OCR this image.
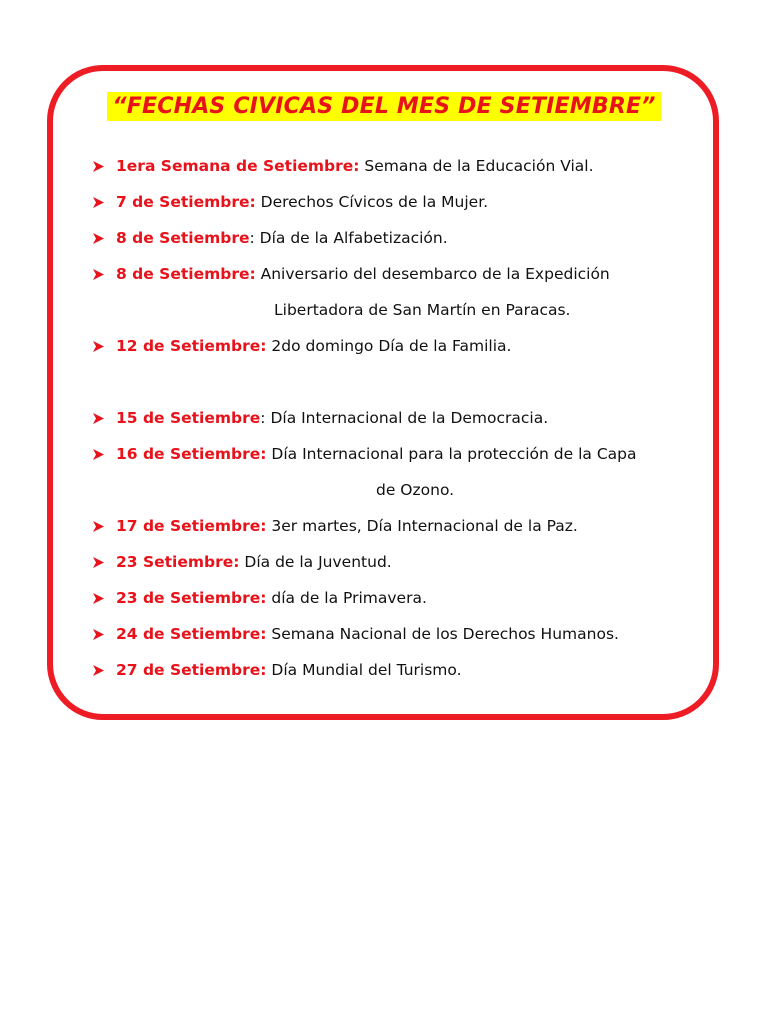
“FECHAS CIVICAS DEL MES DE SETIEMBRE”
1era Semana de Setiembre: Semana de la Educación Vial.
7 de Setiembre: Derechos Cívicos de la Mujer.
8 de Setiembre: Día de la Alfabetización.
8 de Setiembre: Aniversario del desembarco de la Expedición
Libertadora de San Martín en Paracas.
12 de Setiembre: 2do domingo Día de la Familia.
15 de Setiembre: Día Internacional de la Democracia.
16 de Setiembre: Día Internacional para la protección de la Capa
de Ozono.
17 de Setiembre: 3er martes, Día Internacional de la Paz.
23 Setiembre: Día de la Juventud.
23 de Setiembre: día de la Primavera.
24 de Setiembre: Semana Nacional de los Derechos Humanos.
27 de Setiembre: Día Mundial del Turismo.
